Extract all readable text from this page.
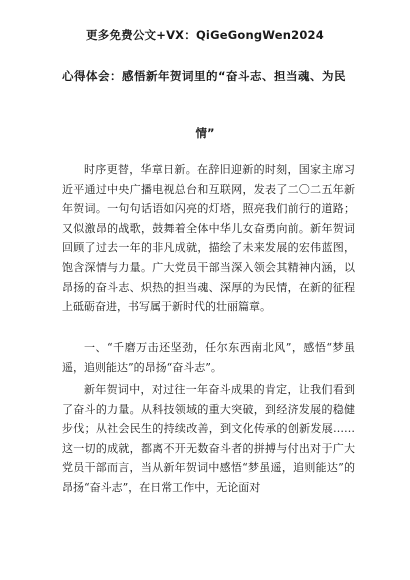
更多免费公文+VX：QiGeGongWen2024
心得体会：感悟新年贺词里的“奋斗志、担当魂、为民
情”

时序更替，华章日新。在辞旧迎新的时刻，国家主席习近平通过中央广播电视总台和互联网，发表了二〇二五年新年贺词。一句句话语如闪亮的灯塔，照亮我们前行的道路；又似激昂的战歌，鼓舞着全体中华儿女奋勇向前。新年贺词回顾了过去一年的非凡成就，描绘了未来发展的宏伟蓝图，饱含深情与力量。广大党员干部当深入领会其精神内涵，以昂扬的奋斗志、炽热的担当魂、深厚的为民情，在新的征程上砥砺奋进，书写属于新时代的壮丽篇章。

一、“千磨万击还坚劲，任尔东西南北风”，感悟“梦虽遥，追则能达”的昂扬“奋斗志”。

新年贺词中，对过往一年奋斗成果的肯定，让我们看到了奋斗的力量。从科技领域的重大突破，到经济发展的稳健步伐；从社会民生的持续改善，到文化传承的创新发展……这一切的成就，都离不开无数奋斗者的拼搏与付出对于广大党员干部而言，当从新年贺词中感悟“梦虽遥，追则能达”的昂扬“奋斗志”，在日常工作中，无论面对
